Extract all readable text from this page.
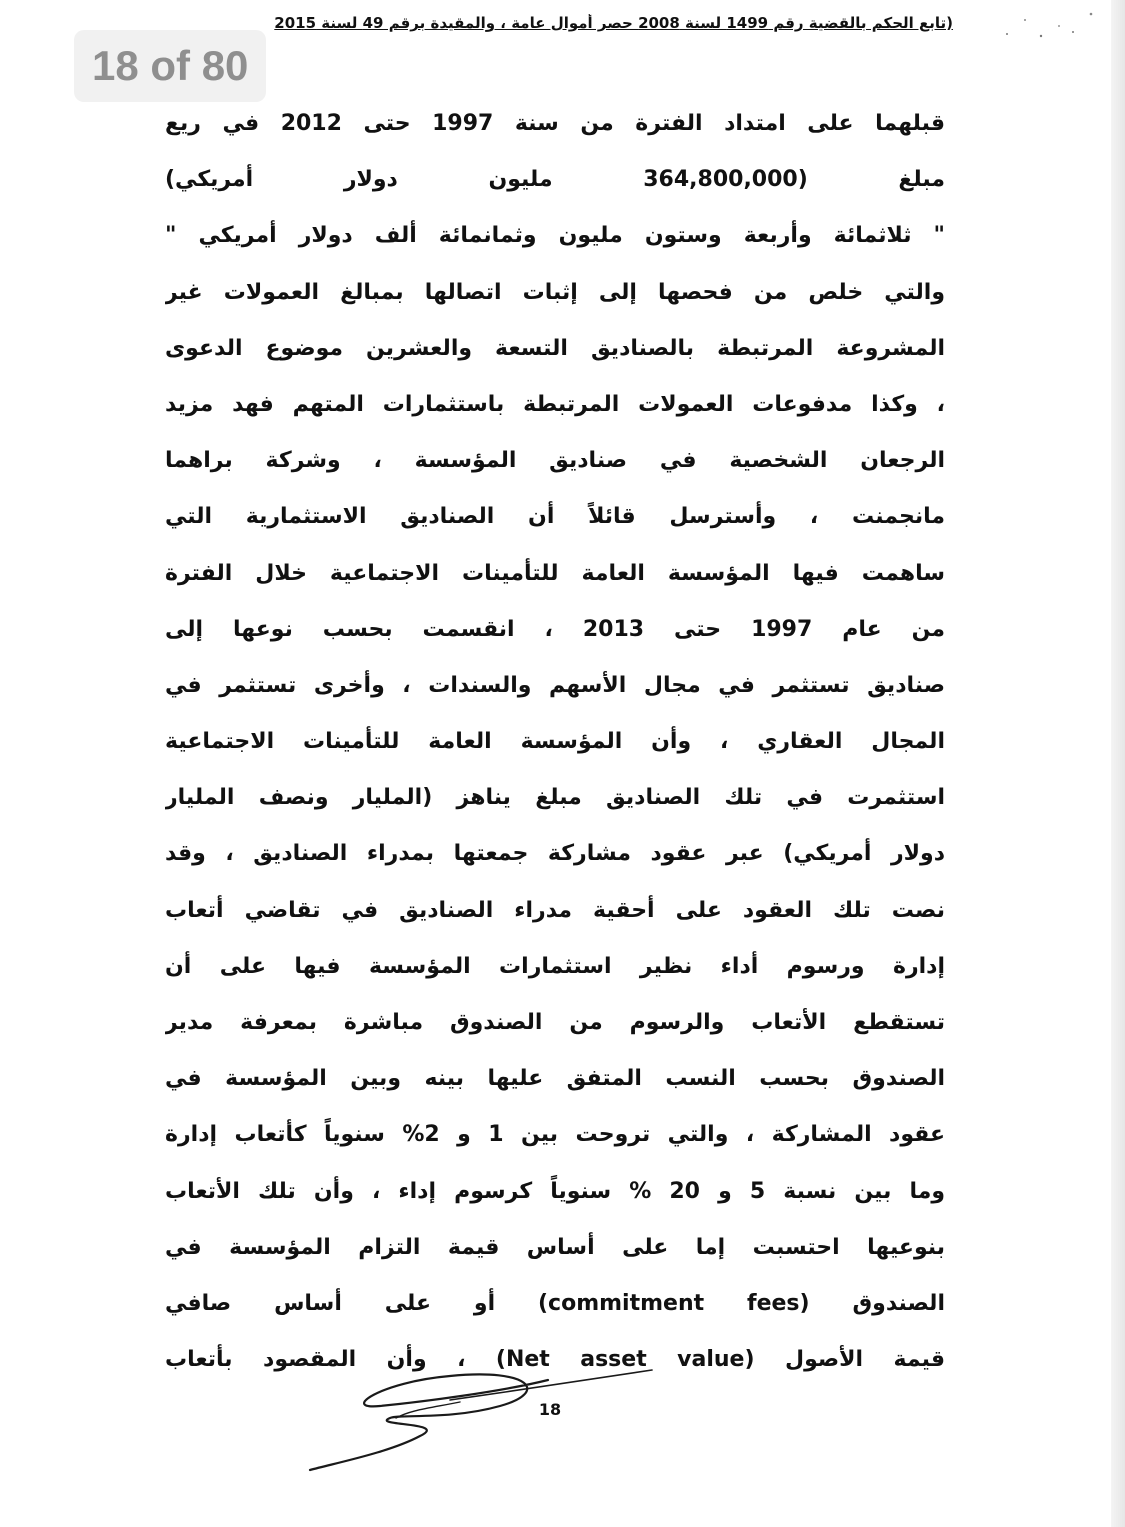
18 of 80
(تابع الحكم بالقضية رقم 1499 لسنة 2008 حصر أموال عامة ، والمقيدة برقم 49 لسنة 2015
قبلهما على امتداد الفترة من سنة 1997 حتى 2012 في ريع
مبلغ (364,800,000 مليون دولار أمريكي)
" ثلاثمائة وأربعة وستون مليون وثمانمائة ألف دولار أمريكي "
والتي خلص من فحصها إلى إثبات اتصالها بمبالغ العمولات غير
المشروعة المرتبطة بالصناديق التسعة والعشرين موضوع الدعوى
، وكذا مدفوعات العمولات المرتبطة باستثمارات المتهم فهد مزيد
الرجعان الشخصية في صناديق المؤسسة ، وشركة براهما
مانجمنت ، وأسترسل قائلاً أن الصناديق الاستثمارية التي
ساهمت فيها المؤسسة العامة للتأمينات الاجتماعية خلال الفترة
من عام 1997 حتى 2013 ، انقسمت بحسب نوعها إلى
صناديق تستثمر في مجال الأسهم والسندات ، وأخرى تستثمر في
المجال العقاري ، وأن المؤسسة العامة للتأمينات الاجتماعية
استثمرت في تلك الصناديق مبلغ يناهز (المليار ونصف المليار
دولار أمريكي) عبر عقود مشاركة جمعتها بمدراء الصناديق ، وقد
نصت تلك العقود على أحقية مدراء الصناديق في تقاضي أتعاب
إدارة ورسوم أداء نظير استثمارات المؤسسة فيها على أن
تستقطع الأتعاب والرسوم من الصندوق مباشرة بمعرفة مدير
الصندوق بحسب النسب المتفق عليها بينه وبين المؤسسة في
عقود المشاركة ، والتي تروحت بين 1 و 2% سنوياً كأتعاب إدارة
وما بين نسبة 5 و 20 % سنوياً كرسوم إداء ، وأن تلك الأتعاب
بنوعيها احتسبت إما على أساس قيمة التزام المؤسسة في
الصندوق (commitment fees) أو على أساس صافي
قيمة الأصول (Net asset value) ، وأن المقصود بأتعاب
18
